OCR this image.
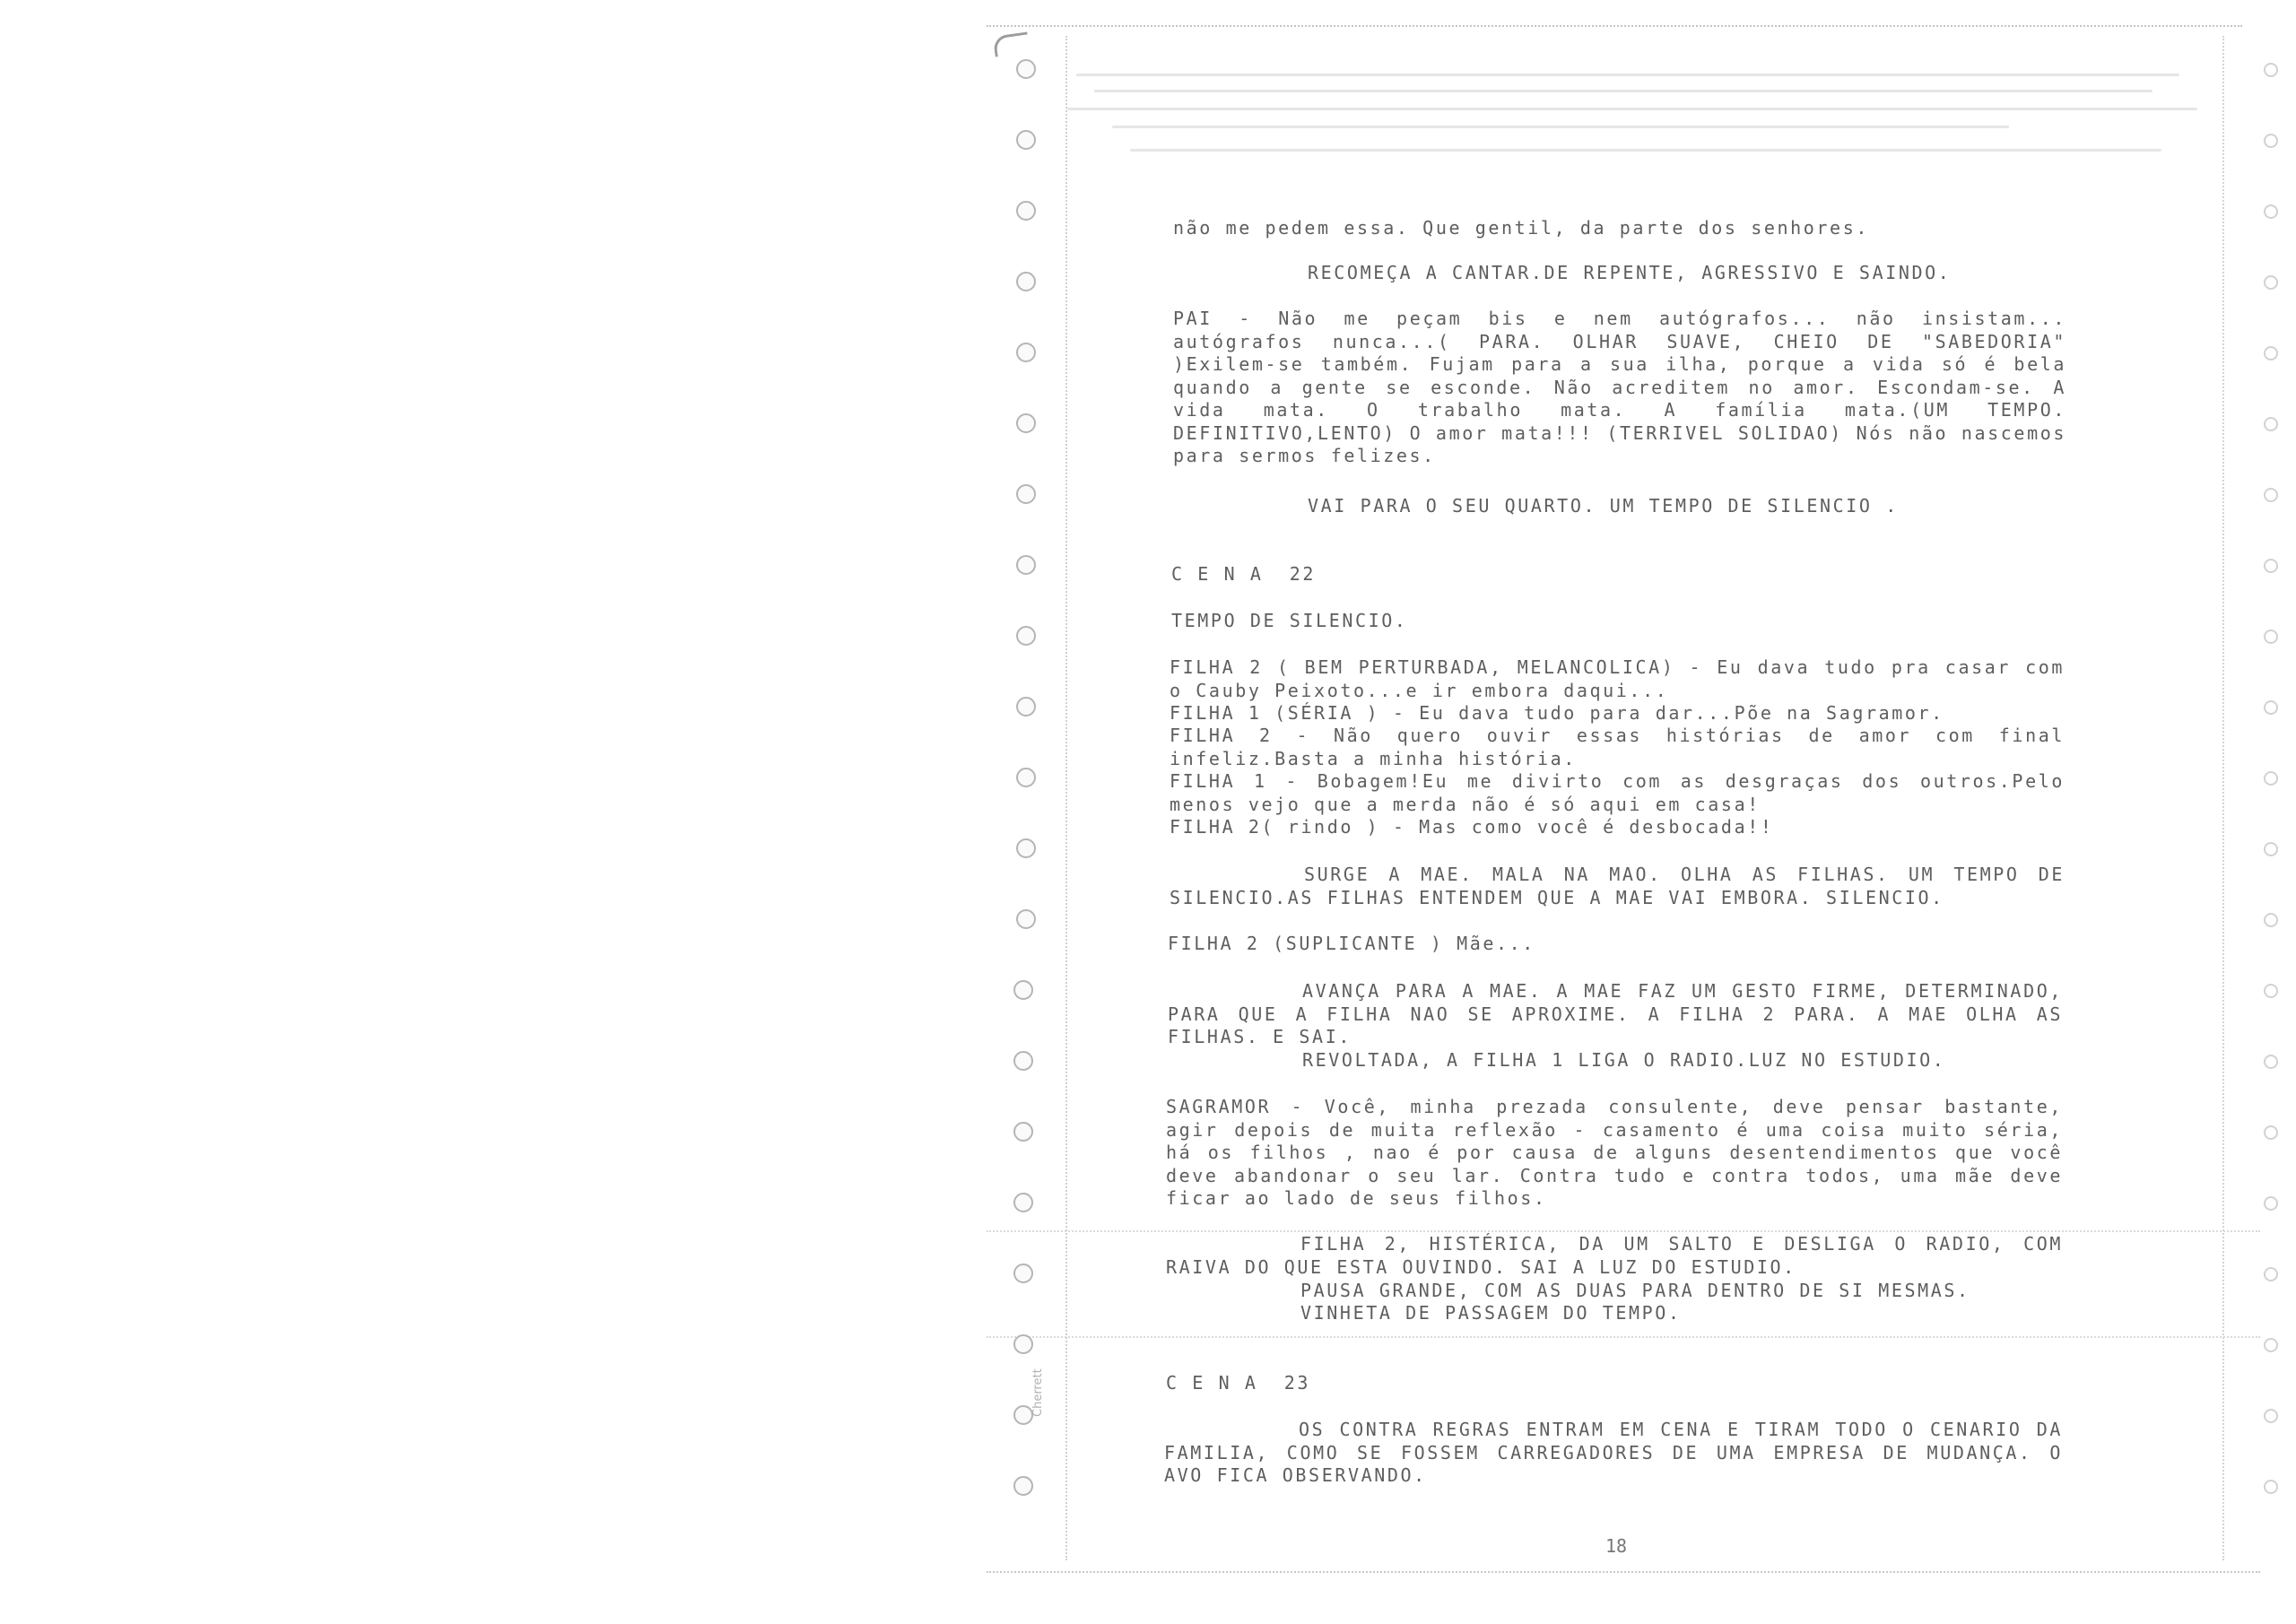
Cherrett
não me pedem essa. Que gentil, da parte dos senhores.
RECOMEÇA A CANTAR.DE REPENTE, AGRESSIVO E SAINDO.
PAI - Não me peçam bis e nem autógrafos... não insistam... autógrafos nunca...( PARA. OLHAR SUAVE, CHEIO DE "SABEDORIA" )Exilem-se também. Fujam para a sua ilha, porque a vida só é bela quando a gente se esconde. Não acreditem no amor. Escondam-se. A vida mata. O trabalho mata. A família mata.(UM TEMPO. DEFINITIVO,LENTO) O amor mata!!! (TERRIVEL SOLIDAO) Nós não nascemos para sermos felizes.
VAI PARA O SEU QUARTO. UM TEMPO DE SILENCIO .
C E N A  22
TEMPO DE SILENCIO.
FILHA 2 ( BEM PERTURBADA, MELANCOLICA) - Eu dava tudo pra casar com o Cauby Peixoto...e ir embora daqui...
FILHA 1 (SÉRIA ) - Eu dava tudo para dar...Põe na Sagramor.
FILHA 2 - Não quero ouvir essas histórias de amor com final infeliz.Basta a minha história.
FILHA 1 - Bobagem!Eu me divirto com as desgraças dos outros.Pelo menos vejo que a merda não é só aqui em casa!
FILHA 2( rindo ) - Mas como você é desbocada!!
SURGE A MAE. MALA NA MAO. OLHA AS FILHAS. UM TEMPO DE SILENCIO.AS FILHAS ENTENDEM QUE A MAE VAI EMBORA. SILENCIO.
FILHA 2 (SUPLICANTE ) Mãe...
AVANÇA PARA A MAE. A MAE FAZ UM GESTO FIRME, DETERMINADO, PARA QUE A FILHA NAO SE APROXIME. A FILHA 2 PARA. A MAE OLHA AS FILHAS. E SAI.
REVOLTADA, A FILHA 1 LIGA O RADIO.LUZ NO ESTUDIO.
SAGRAMOR - Você, minha prezada consulente, deve pensar bastante, agir depois de muita reflexão - casamento é uma coisa muito séria, há os filhos , nao é por causa de alguns desentendimentos que você deve abandonar o seu lar. Contra tudo e contra todos, uma mãe deve ficar ao lado de seus filhos.
FILHA 2, HISTÉRICA, DA UM SALTO E DESLIGA O RADIO, COM RAIVA DO QUE ESTA OUVINDO. SAI A LUZ DO ESTUDIO.
PAUSA GRANDE, COM AS DUAS PARA DENTRO DE SI MESMAS.
VINHETA DE PASSAGEM DO TEMPO.
C E N A  23
OS CONTRA REGRAS ENTRAM EM CENA E TIRAM TODO O CENARIO DA FAMILIA, COMO SE FOSSEM CARREGADORES DE UMA EMPRESA DE MUDANÇA. O AVO FICA OBSERVANDO.
18
